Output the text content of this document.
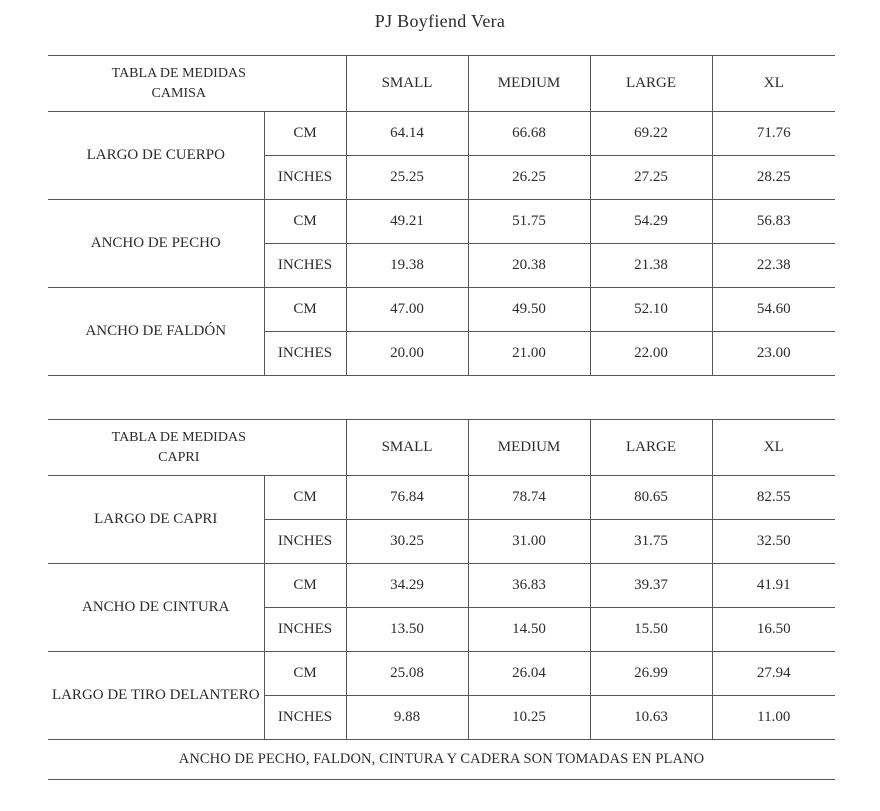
PJ Boyfiend Vera
TABLA DE MEDIDAS
CAMISA		SMALL	MEDIUM	LARGE	XL
LARGO DE CUERPO	CM	64.14	66.68	69.22	71.76
	INCHES	25.25	26.25	27.25	28.25
ANCHO DE PECHO	CM	49.21	51.75	54.29	56.83
	INCHES	19.38	20.38	21.38	22.38
ANCHO DE FALDÓN	CM	47.00	49.50	52.10	54.60
	INCHES	20.00	21.00	22.00	23.00
TABLA DE MEDIDAS
CAPRI		SMALL	MEDIUM	LARGE	XL
LARGO DE CAPRI	CM	76.84	78.74	80.65	82.55
	INCHES	30.25	31.00	31.75	32.50
ANCHO DE CINTURA	CM	34.29	36.83	39.37	41.91
	INCHES	13.50	14.50	15.50	16.50
LARGO DE TIRO DELANTERO	CM	25.08	26.04	26.99	27.94
	INCHES	9.88	10.25	10.63	11.00
ANCHO DE PECHO, FALDON, CINTURA Y CADERA SON TOMADAS EN PLANO
